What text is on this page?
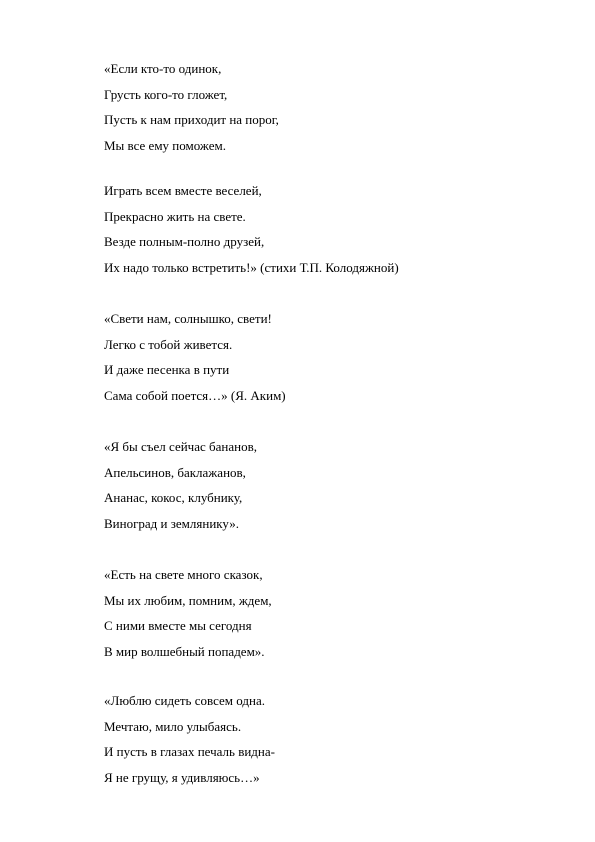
«Если кто-то одинок,
Грусть кого-то гложет,
Пусть к нам приходит на порог,
Мы все ему поможем.
Играть всем вместе веселей,
Прекрасно жить на свете.
Везде полным-полно друзей,
Их надо только встретить!» (стихи Т.П. Колодяжной)
«Свети нам, солнышко, свети!
Легко с тобой живется.
И даже песенка в пути
Сама собой поется…» (Я. Аким)
«Я бы съел сейчас бананов,
Апельсинов, баклажанов,
Ананас, кокос, клубнику,
Виноград и землянику».
«Есть на свете много сказок,
Мы их любим, помним, ждем,
С ними вместе мы сегодня
В мир волшебный попадем».
«Люблю сидеть совсем одна.
Мечтаю, мило улыбаясь.
И пусть в глазах печаль видна-
Я не грущу, я удивляюсь…»
